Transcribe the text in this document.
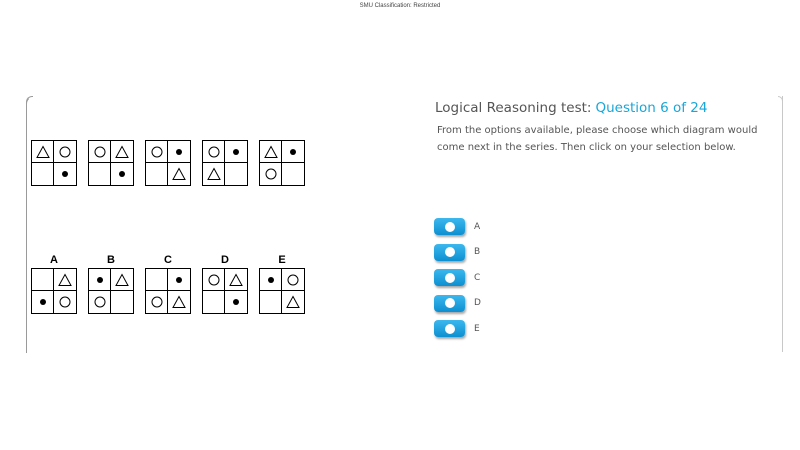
SMU Classification: Restricted
A	B	C	D	E
Logical Reasoning test: Question 6 of 24
From the options available, please choose which diagram would come next in the series. Then click on your selection below.
A
B
C
D
E
